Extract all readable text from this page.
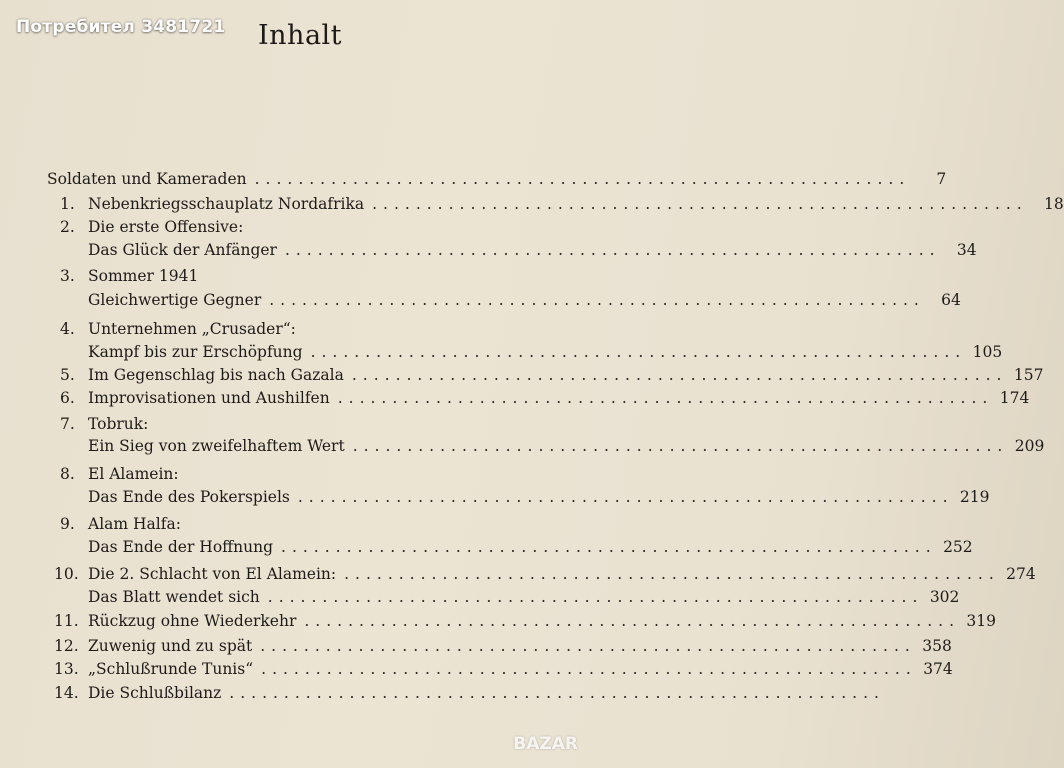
Потребител 3481721 Inhalt
Soldaten und Kameraden ............................................................	7
1. Nebenkriegsschauplatz Nordafrika ............................................................	18
2. Die erste Offensive:
Das Glück der Anfänger ............................................................	34
3. Sommer 1941
Gleichwertige Gegner ............................................................	64
4. Unternehmen „Crusader“:
Kampf bis zur Erschöpfung ............................................................ 105
5. Im Gegenschlag bis nach Gazala ............................................................ 157
6. Improvisationen und Aushilfen ............................................................ 174
7. Tobruk:
Ein Sieg von zweifelhaftem Wert ............................................................ 209
8. El Alamein:
Das Ende des Pokerspiels ............................................................ 219
9. Alam Halfa:
Das Ende der Hoffnung ............................................................ 252
10. Die 2. Schlacht von El Alamein: ............................................................ 274
Das Blatt wendet sich ............................................................ 302
11. Rückzug ohne Wiederkehr ............................................................ 319
12. Zuwenig und zu spät ............................................................ 358
13. „Schlußrunde Tunis“ ............................................................ 374
14. Die Schlußbilanz ............................................................
BAZAR
